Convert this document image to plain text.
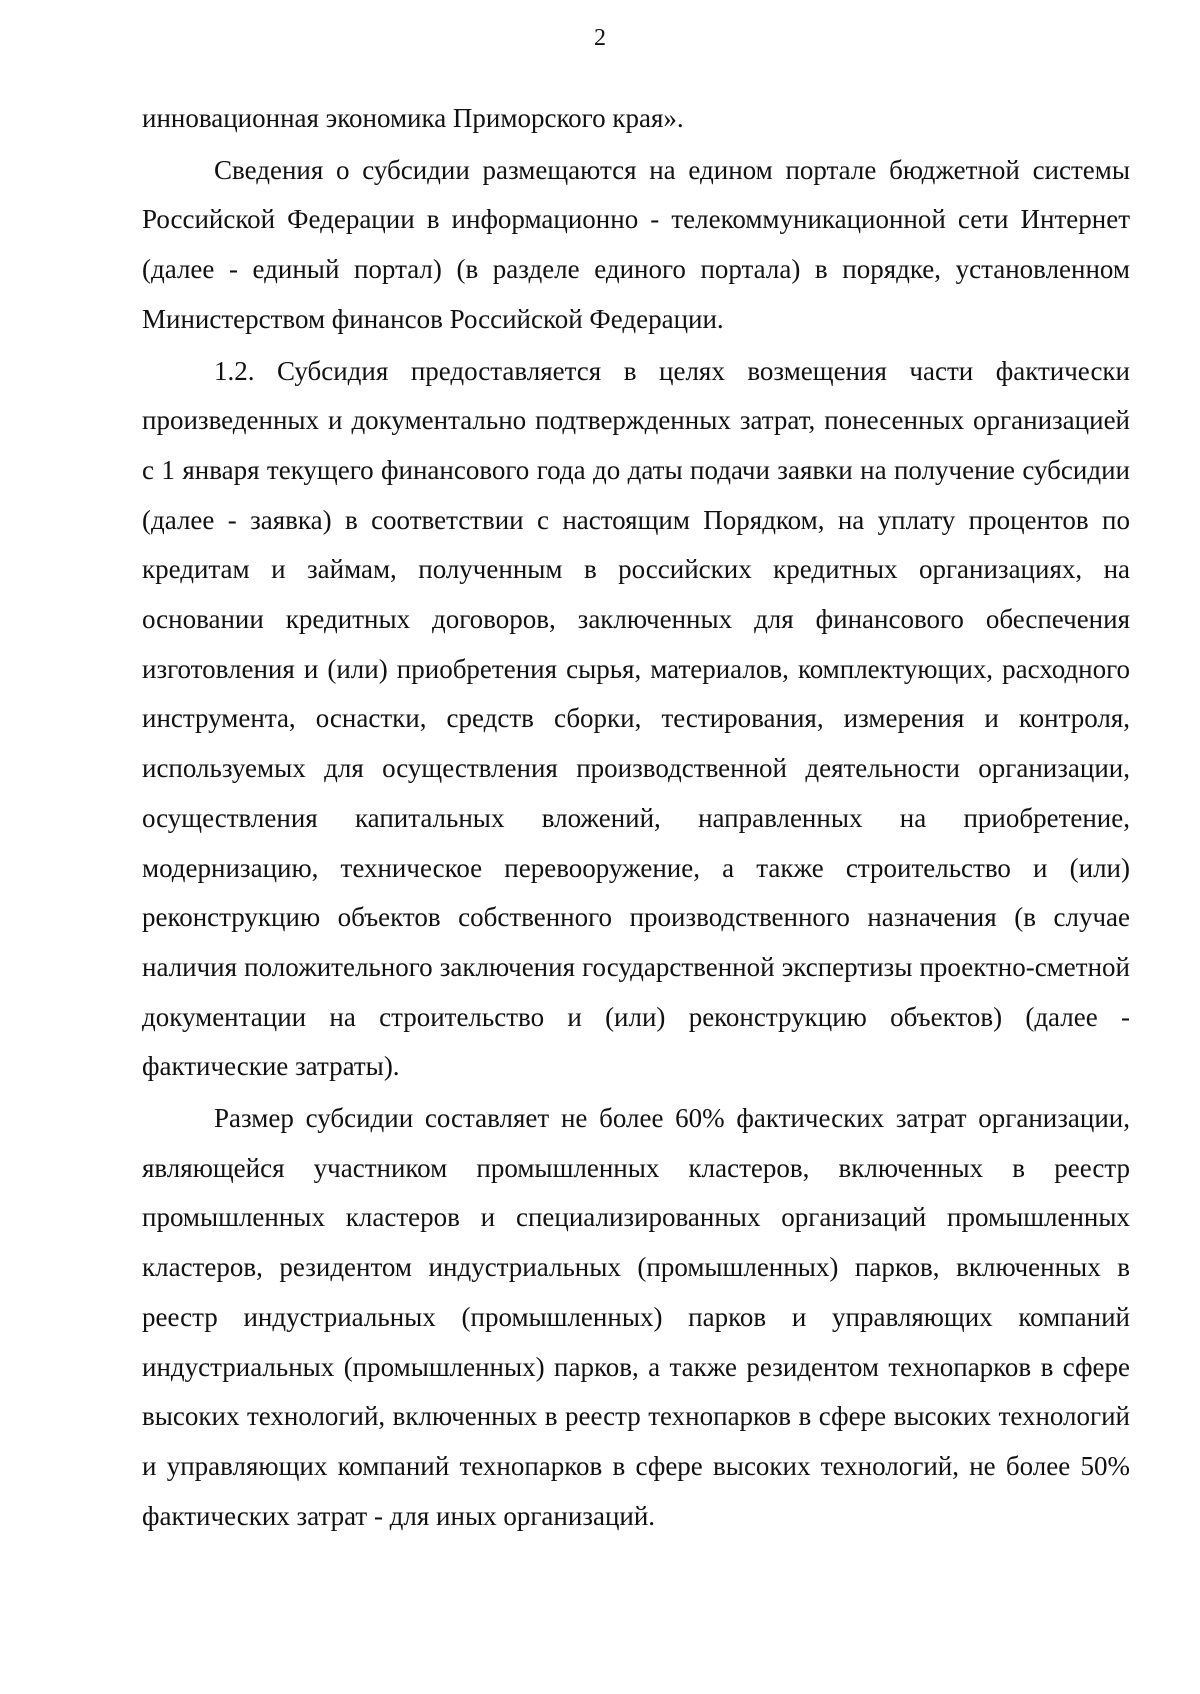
2

инновационная экономика Приморского края».

Сведения о субсидии размещаются на едином портале бюджетной системы Российской Федерации в информационно - телекоммуникационной сети Интернет (далее - единый портал) (в разделе единого портала) в порядке, установленном Министерством финансов Российской Федерации.

1.2. Субсидия предоставляется в целях возмещения части фактически произведенных и документально подтвержденных затрат, понесенных организацией с 1 января текущего финансового года до даты подачи заявки на получение субсидии (далее - заявка) в соответствии с настоящим Порядком, на уплату процентов по кредитам и займам, полученным в российских кредитных организациях, на основании кредитных договоров, заключенных для финансового обеспечения изготовления и (или) приобретения сырья, материалов, комплектующих, расходного инструмента, оснастки, средств сборки, тестирования, измерения и контроля, используемых для осуществления производственной деятельности организации, осуществления капитальных вложений, направленных на приобретение, модернизацию, техническое перевооружение, а также строительство и (или) реконструкцию объектов собственного производственного назначения (в случае наличия положительного заключения государственной экспертизы проектно-сметной документации на строительство и (или) реконструкцию объектов) (далее - фактические затраты).

Размер субсидии составляет не более 60% фактических затрат организации, являющейся участником промышленных кластеров, включенных в реестр промышленных кластеров и специализированных организаций промышленных кластеров, резидентом индустриальных (промышленных) парков, включенных в реестр индустриальных (промышленных) парков и управляющих компаний индустриальных (промышленных) парков, а также резидентом технопарков в сфере высоких технологий, включенных в реестр технопарков в сфере высоких технологий и управляющих компаний технопарков в сфере высоких технологий, не более 50% фактических затрат - для иных организаций.
